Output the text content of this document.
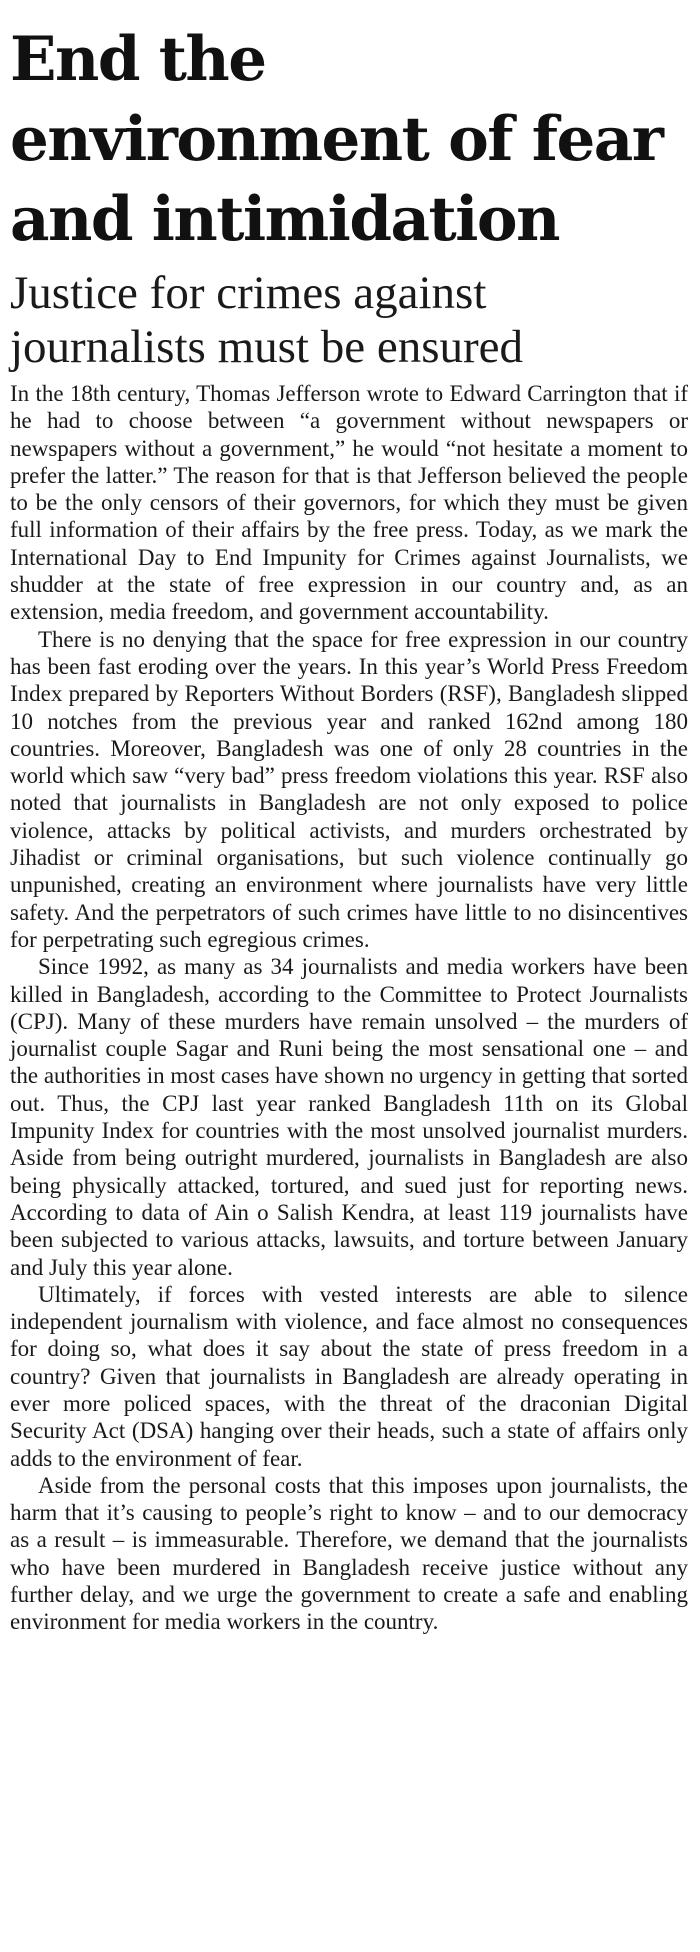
End the environment of fear and intimidation
Justice for crimes against journalists must be ensured

In the 18th century, Thomas Jefferson wrote to Edward Carrington that if he had to choose between “a government without newspapers or newspapers without a government,” he would “not hesitate a moment to prefer the latter.” The reason for that is that Jefferson believed the people to be the only censors of their governors, for which they must be given full information of their affairs by the free press. Today, as we mark the International Day to End Impunity for Crimes against Journalists, we shudder at the state of free expression in our country and, as an extension, media freedom, and government accountability.

There is no denying that the space for free expression in our country has been fast eroding over the years. In this year’s World Press Freedom Index prepared by Reporters Without Borders (RSF), Bangladesh slipped 10 notches from the previous year and ranked 162nd among 180 countries. Moreover, Bangladesh was one of only 28 countries in the world which saw “very bad” press freedom violations this year. RSF also noted that journalists in Bangladesh are not only exposed to police violence, attacks by political activists, and murders orchestrated by Jihadist or criminal organisations, but such violence continually go unpunished, creating an environment where journalists have very little safety. And the perpetrators of such crimes have little to no disincentives for perpetrating such egregious crimes.

Since 1992, as many as 34 journalists and media workers have been killed in Bangladesh, according to the Committee to Protect Journalists (CPJ). Many of these murders have remain unsolved – the murders of journalist couple Sagar and Runi being the most sensational one – and the authorities in most cases have shown no urgency in getting that sorted out. Thus, the CPJ last year ranked Bangladesh 11th on its Global Impunity Index for countries with the most unsolved journalist murders. Aside from being outright murdered, journalists in Bangladesh are also being physically attacked, tortured, and sued just for reporting news. According to data of Ain o Salish Kendra, at least 119 journalists have been subjected to various attacks, lawsuits, and torture between January and July this year alone.

Ultimately, if forces with vested interests are able to silence independent journalism with violence, and face almost no consequences for doing so, what does it say about the state of press freedom in a country? Given that journalists in Bangladesh are already operating in ever more policed spaces, with the threat of the draconian Digital Security Act (DSA) hanging over their heads, such a state of affairs only adds to the environment of fear.

Aside from the personal costs that this imposes upon journalists, the harm that it’s causing to people’s right to know – and to our democracy as a result – is immeasurable. Therefore, we demand that the journalists who have been murdered in Bangladesh receive justice without any further delay, and we urge the government to create a safe and enabling environment for media workers in the country.
